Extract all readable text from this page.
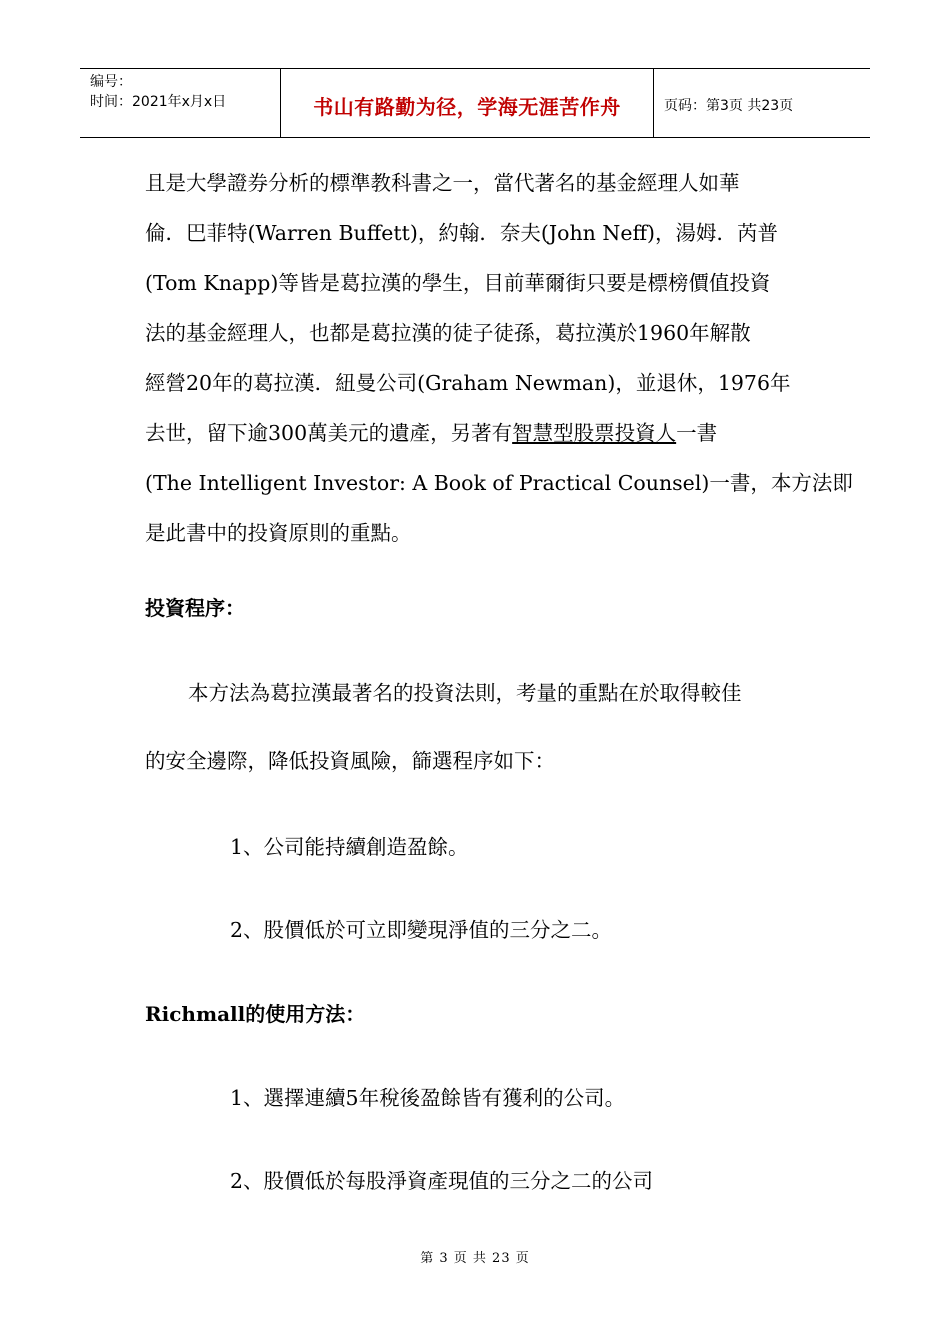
编号：
时间：2021年x月x日	书山有路勤为径，学海无涯苦作舟	页码：第3页 共23页

且是大學證券分析的標準教科書之一，當代著名的基金經理人如華

倫．巴菲特(Warren Buffett)，約翰．奈夫(John Neff)，湯姆．芮普

(Tom Knapp)等皆是葛拉漢的學生，目前華爾街只要是標榜價值投資

法的基金經理人，也都是葛拉漢的徒子徒孫，葛拉漢於1960年解散

經營20年的葛拉漢．紐曼公司(Graham Newman)，並退休，1976年

去世，留下逾300萬美元的遺產，另著有智慧型股票投資人一書

(The Intelligent Investor: A Book of Practical Counsel)一書，本方法即

是此書中的投資原則的重點。

投資程序：
本方法為葛拉漢最著名的投資法則，考量的重點在於取得較佳
的安全邊際，降低投資風險，篩選程序如下：
1、公司能持續創造盈餘。
2、股價低於可立即變現淨值的三分之二。
Richmall的使用方法：
1、選擇連續5年稅後盈餘皆有獲利的公司。
2、股價低於每股淨資產現值的三分之二的公司
第 3 页 共 23 页
